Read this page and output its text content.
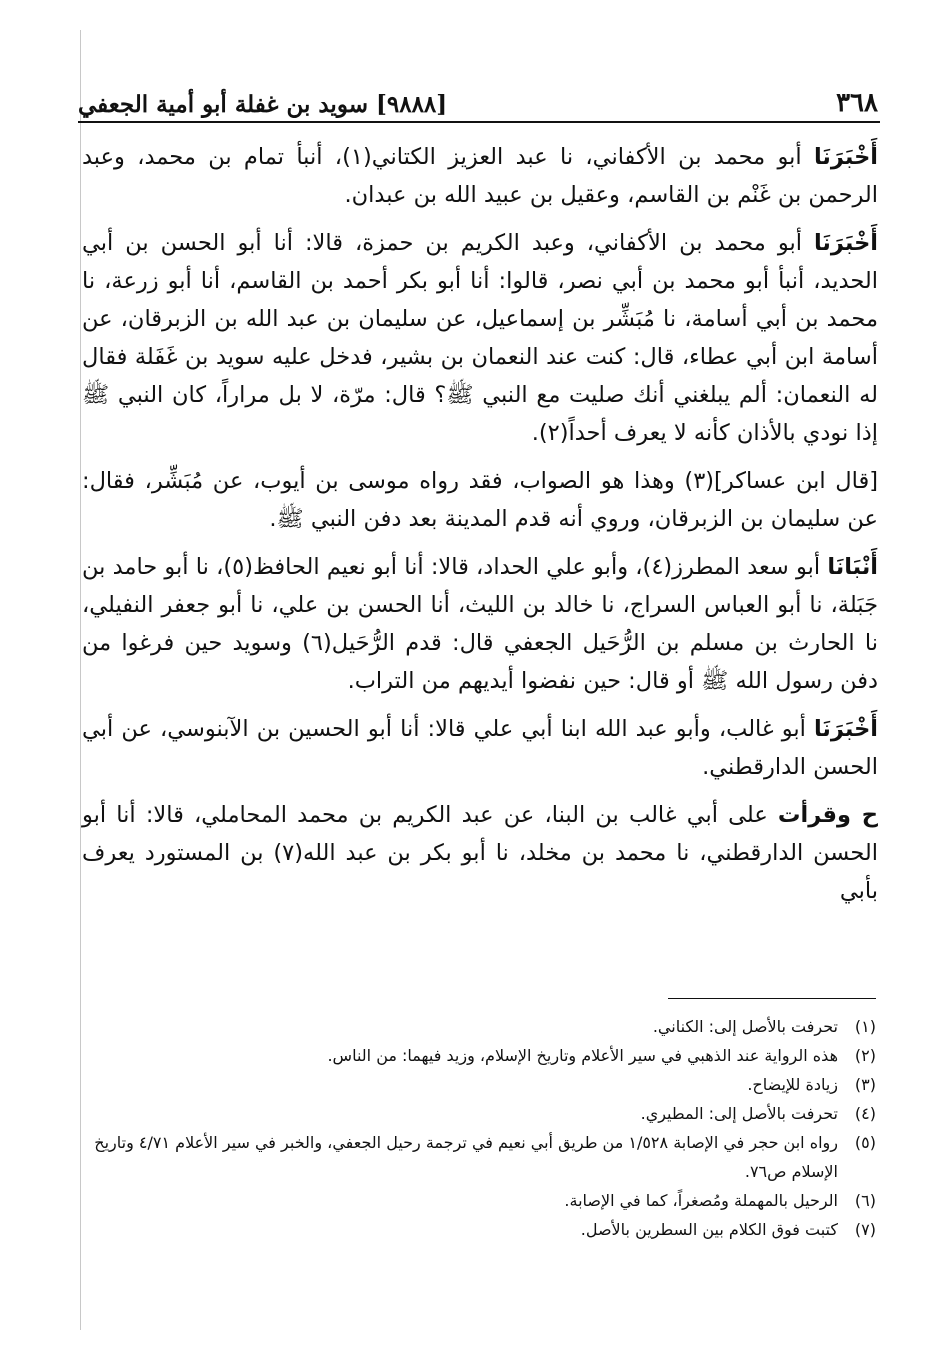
٣٦٨
[٩٨٨٨] سويد بن غفلة أبو أمية الجعفي

أَخْبَرَنَا أبو محمد بن الأكفاني، نا عبد العزيز الكتاني(١)، أنبأ تمام بن محمد، وعبد الرحمن بن غَنْم بن القاسم، وعقيل بن عبيد الله بن عبدان.

أَخْبَرَنَا أبو محمد بن الأكفاني، وعبد الكريم بن حمزة، قالا: أنا أبو الحسن بن أبي الحديد، أنبأ أبو محمد بن أبي نصر، قالوا: أنا أبو بكر أحمد بن القاسم، أنا أبو زرعة، نا محمد بن أبي أسامة، نا مُبَشِّر بن إسماعيل، عن سليمان بن عبد الله بن الزبرقان، عن أسامة ابن أبي عطاء، قال: كنت عند النعمان بن بشير، فدخل عليه سويد بن غَفَلة فقال له النعمان: ألم يبلغني أنك صليت مع النبي ﷺ؟ قال: مرّة، لا بل مراراً، كان النبي ﷺ إذا نودي بالأذان كأنه لا يعرف أحداً(٢).

[قال ابن عساكر](٣) وهذا هو الصواب، فقد رواه موسى بن أيوب، عن مُبَشِّر، فقال: عن سليمان بن الزبرقان، وروي أنه قدم المدينة بعد دفن النبي ﷺ.

أَنْبَانَا أبو سعد المطرز(٤)، وأبو علي الحداد، قالا: أنا أبو نعيم الحافظ(٥)، نا أبو حامد بن جَبَلة، نا أبو العباس السراج، نا خالد بن الليث، أنا الحسن بن علي، نا أبو جعفر النفيلي، نا الحارث بن مسلم بن الرُّحَيل الجعفي قال: قدم الرُّحَيل(٦) وسويد حين فرغوا من دفن رسول الله ﷺ أو قال: حين نفضوا أيديهم من التراب.

أَخْبَرَنَا أبو غالب، وأبو عبد الله ابنا أبي علي قالا: أنا أبو الحسين بن الآبنوسي، عن أبي الحسن الدارقطني.

ح وقرأت على أبي غالب بن البنا، عن عبد الكريم بن محمد المحاملي، قالا: أنا أبو الحسن الدارقطني، نا محمد بن مخلد، نا أبو بكر بن عبد الله(٧) بن المستورد يعرف بأبي

(١)
تحرفت بالأصل إلى: الكناني.
(٢)
هذه الرواية عند الذهبي في سير الأعلام وتاريخ الإسلام، وزيد فيهما: من الناس.
(٣)
زيادة للإيضاح.
(٤)
تحرفت بالأصل إلى: المطيري.
(٥)
رواه ابن حجر في الإصابة ١/٥٢٨ من طريق أبي نعيم في ترجمة رحيل الجعفي، والخبر في سير الأعلام ٤/٧١ وتاريخ الإسلام ص٧٦.
(٦)
الرحيل بالمهملة ومُصغراً، كما في الإصابة.
(٧)
كتبت فوق الكلام بين السطرين بالأصل.
